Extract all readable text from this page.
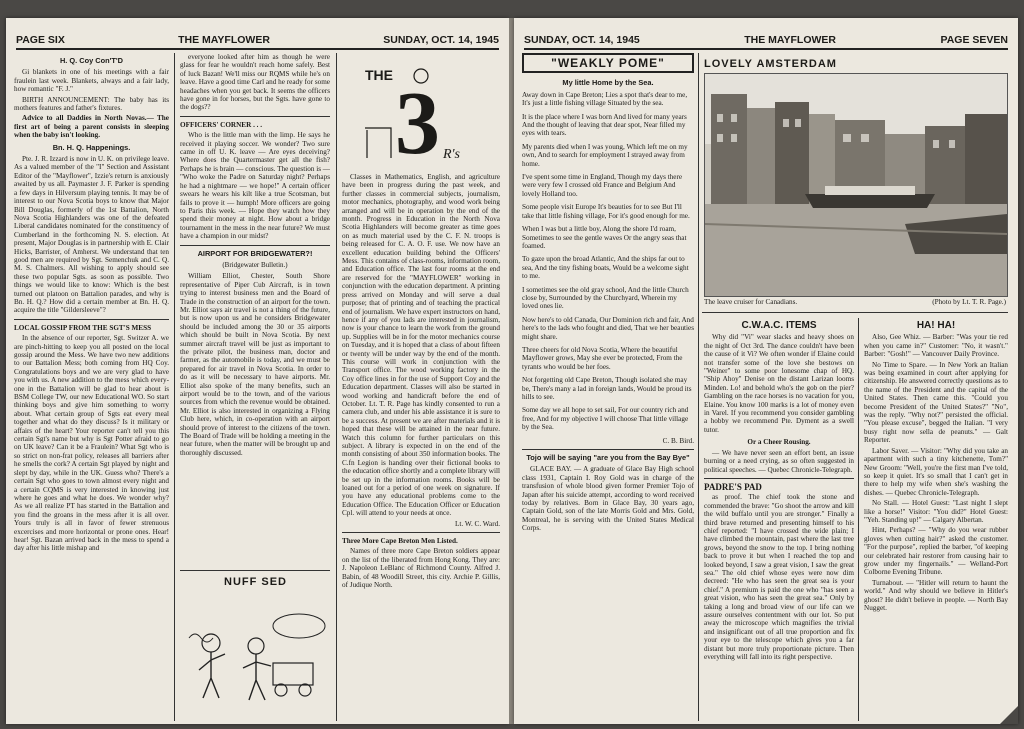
PAGE SIX	THE MAYFLOWER	SUNDAY, OCT. 14, 1945
H. Q. Coy Con'T'D

Gi blankets in one of his meetings with a fair fraulein last week. Blankets, always and a fair lady, how romantic "F. J."

BIRTH ANNOUNCEMENT: The baby has its mothers features and father's fixtures.

Advice to all Daddies in North Novas.— The first art of being a parent consists in sleeping when the baby isn't looking.

Bn. H. Q. Happenings.

Pte. J. R. Izzard is now in U. K. on privilege leave. As a valued member of the "I" Section and Assistant Editor of the "Mayflower", Izzie's return is anxiously awaited by us all. Paymaster J. F. Parker is spending a few days in Hilversum playing tennis. It may be of interest to our Nova Scotia boys to know that Major Bill Douglas, formerly of the 1st Battalion, North Nova Scotia Highlanders was one of the defeated Liberal candidates nominated for the constituency of Cumberland in the forthcoming N. S. election. At present, Major Douglas is in partnership with E. Clair Hicks, Barrister, of Amherst. We understand that ten good men are required by Sgt. Semenchuk and C. Q. M. S. Chalmers. All wishing to apply should see these two popular Sgts. as soon as possible. Two things we would like to know: Which is the best turned out platoon on Battalion parades, and why is Bn. H. Q.? How did a certain member at Bn. H. Q. acquire the title "Gildersleeve"?

LOCAL GOSSIP FROM THE SGT'S MESS

In the absence of our reporter, Sgt. Switzer A. we are pinch-hitting to keep you all posted on the local gossip around the Mess. We have two new additions to our Battalion Mess; both coming from HQ Coy. Congratulations boys and we are very glad to have you with us. A new addition to the mess which every-one in the Battalion will be glad to hear about is BSM College TW, our new Educational WO. So start thinking boys and give him something to worry about. What certain group of Sgts eat every meal together and what do they discuss? Is it military or affairs of the heart? Your reporter can't tell you this certain Sgt's name but why is Sgt Potter afraid to go on UK leave? Can it be a Fraulein? What Sgt who is so strict on non-frat policy, releases all barriers after he smells the cork? A certain Sgt played by night and slept by day, while in the UK. Guess who? There's a certain Sgt who goes to town almost every night and a certain CQMS is very interested in knowing just where he goes and what he does. We wonder why? As we all realize PT has started in the Battalion and you find the groans in the mess after it is all over. Yours truly is all in favor of fewer strenuous excercises and more horizontal or prone ones. Hear! hear! Sgt. Bazan arrived back in the mess to spend a day after his little mishap and

everyone looked after him as though he were glass for fear he wouldn't reach home safely. Best of luck Bazan! We'll miss our RQMS while he's on leave. Have a good time Carl and he ready for some headaches when you get back. It seems the officers have gone in for horses, but the Sgts. have gone to the dogs??

OFFICERS' CORNER . . .

Who is the little man with the limp. He says he received it playing soccer. We wonder? Two sure came in off U. K. leave — Are eyes deceiving? Where does the Quartermaster get all the fish? Perhaps he is brain — conscious. The question is — "Who woke the Padre on Saturday night? Perhaps he had a nightmare — we hope!" A certain officer swears he wears his kilt like a true Scotsman, but fails to prove it — humph! More officers are going to Paris this week. — Hope they watch how they spend their money at night. How about a bridge tournament in the mess in the near future? We must have a champion in our midst?

AIRPORT FOR BRIDGEWATER?!
(Bridgewater Bulletin.)

William Elliot, Chester, South Shore representative of Piper Cub Aircraft, is in town trying to interest business men and the Board of Trade in the construction of an airport for the town. Mr. Elliot says air travel is not a thing of the future, but is now upon us and he considers Bridgewater should be included among the 30 or 35 airports which should be built in Nova Scotia. By next summer aircraft travel will be just as important to the private pilot, the business man, doctor and farmer, as the automobile is today, and we must be prepared for air travel in Nova Scotia. In order to do as it will be necessary to have airports. Mr. Elliot also spoke of the many benefits, such an airport would be to the town, and of the various sources from which the revenue would be obtained. Mr. Elliot is also interested in organizing a Flying Club here, which, in co-operation with an airport should prove of interest to the citizens of the town. The Board of Trade will be holding a meeting in the near future, when the matter will be brought up and thoroughly discussed.

NUFF SED
THE 3 R's

Classes in Mathematics, English, and agriculture have been in progress during the past week, and further classes in commercial subjects, journalism, motor mechanics, photography, and wood work being arranged and will be in operation by the end of the month. Progress in Education in the North Nova Scotia Highlanders will become greater as time goes on as much material used by the C. F. N. troops is being released for C. A. O. F. use. We now have an excellent education building behind the Officers' Mess. This contains of class-rooms, information room, and Education office. The last four rooms at the end are reserved for the "MAYFLOWER" working in conjunction with the education department. A printing press arrived on Monday and will serve a dual purpose; that of printing and of teaching the practical end of journalism. We have expert instructors on hand, hence if any of you lads are interested in journalism, now is your chance to learn the work from the ground up. Supplies will be in for the motor mechanics course on Tuesday, and it is hoped that a class of about fifteen or twenty will be under way by the end of the month. This course will work in conjunction with the Transport office. The wood working factory in the Coy office lines in for the use of Support Coy and the Education department. Classes will also be started in wood working and handicraft before the end of October. Lt. T. R. Page has kindly consented to run a camera club, and under his able assistance it is sure to be a success. At present we are after materials and it is hoped that these will be attained in the near future. Watch this column for further particulars on this subject. A library is expected in on the end of the month consisting of about 350 information books. The C.fn Legion is handing over their fictional books to the education office shortly and a complete library will be set up in the information rooms. Books will be loaned out for a period of one week on signature. If you have any educational problems come to the Education Office. The Education Officer or Education Cpl. will attend to your needs at once.

Lt. W. C. Ward.

Three More Cape Breton Men Listed.

Names of three more Cape Breton soldiers appear on the list of the liberated from Hong Kong. They are: J. Napoleon LeBlanc of Richmond County. Alfred J. Babin, of 48 Woodill Street, this city. Archie P. Gillis, of Judique North.

SUNDAY, OCT. 14, 1945	THE MAYFLOWER	PAGE SEVEN
"WEAKLY POME"
My little Home by the Sea.

Away down in Cape Breton; Lies a spot that's dear to me, It's just a little fishing village Situated by the sea.

It is the place where I was born And lived for many years And the thought of leaving that dear spot, Near filled my eyes with tears.

My parents died when I was young, Which left me on my own, And to search for employment I strayed away from home.

I've spent some time in England, Though my days there were very few I crossed old France and Belgium And lovely Holland too.

Some people visit Europe It's beauties for to see But I'll take that little fishing village, For it's good enough for me.

When I was but a little boy, Along the shore I'd roam, Sometimes to see the gentle waves Or the angry seas that foamed.

To gaze upon the broad Atlantic, And the ships far out to sea, And the tiny fishing boats, Would be a welcome sight to me.

I sometimes see the old gray school, And the little Church close by, Surrounded by the Churchyard, Wherein my loved ones lie.

Now here's to old Canada, Our Dominion rich and fair, And here's to the lads who fought and died, That we her beauties might share.

Three cheers for old Nova Scotia, Where the beautiful Mayflower grows, May she ever be protected, From the tyrants who would be her foes.

Not forgetting old Cape Breton, Though isolated she may be, There's many a lad in foreign lands, Would be proud its hills to see.

Some day we all hope to set sail, For our country rich and free, And for my objective I will choose That little village by the Sea.

C. B. Bird.

Tojo will be saying "are you from the Bay Bye"

GLACE BAY. — A graduate of Glace Bay High school class 1931, Captain I. Roy Gold was in charge of the transfusion of whole blood given former Premier Tojo of Japan after his suicide attempt, according to word received today by relatives. Born in Glace Bay, 30 years ago, Captain Gold, son of the late Morris Gold and Mrs. Gold, Montreal, he is serving with the United States Medical Corps.

LOVELY AMSTERDAM
The leave cruiser for Canadians.	(Photo by Lt. T. R. Page.)
C.W.A.C. ITEMS

Why did "Vi" wear slacks and heavy shoes on the night of Oct 3rd. The dance couldn't have been the cause of it Vi? We often wonder if Elaine could not transfer some of the love she bestows on "Weiner" to some poor lonesome chap of HQ. "Ship Ahoy" Denise on the distant Larizan looms Minden. Lo! and behold who's the gob on the pier? Gambling on the race horses is no vacation for you, Elaine. You know 100 marks is a lot of money even in Varel. If you recommend you consider gambling a hobby we recommend Pte. Dyment as a swell tutor.

Or a Cheer Rousing.

— We have never seen an effort bent, an issue burning or a need crying, as so often suggested in political speeches. — Quebec Chronicle-Telegraph.

PADRE'S PAD

as proof. The chief took the stone and commended the brave: "Go shoot the arrow and kill the wild buffalo until you are stronger." Finally a third brave returned and presenting himself to his chief reported: "I have crossed the wide plain; I have climbed the mountain, past where the last tree grows, beyond the snow to the top. I bring nothing back to prove it but when I reached the top and looked beyond, I saw a great vision, I saw the great sea." The old chief whose eyes were now dim decreed: "He who has seen the great sea is your chief." A premium is paid the one who "has seen a great vision, who has seen the great sea." Only by taking a long and broad view of our life can we assure ourselves contentment with our lot. So put away the microscope which magnifies the trivial and insignificant out of all true proportion and fix your eye to the telescope which gives you a far distant but more truly proportionate picture. Then everything will fall into its right perspective.

HA! HA!

Also, Gee Whiz. — Barber: "Was your tie red when you came in?" Customer: "No, it wasn't." Barber: "Gosh!" — Vancouver Daily Province.

No Time to Spare. — In New York an Italian was being examined in court after applying for citizenship. He answered correctly questions as to the name of the President and the capital of the United States. Then came this. "Could you become President of the United States?" "No", was the reply. "Why not?" persisted the official. "You please excuse", begged the Italian. "I very busy right now sella de peanuts." — Galt Reporter.

Labor Saver. — Visitor: "Why did you take an apartment with such a tiny kitchenette, Tom?" New Groom: "Well, you're the first man I've told, so keep it quiet. It's so small that I can't get in there to help my wife when she's washing the dishes. — Quebec Chronicle-Telegraph.

No Stall. — Hotel Guest: "Last night I slept like a horse!" Visitor: "You did?" Hotel Guest: "Yeh. Standing up!" — Calgary Albertan.

Hint, Perhaps? — "Why do you wear rubber gloves when cutting hair?" asked the customer. "For the purpose", replied the barber, "of keeping our celebrated hair restorer from causing hair to grow under my fingernails." — Welland-Port Colborne Evening Tribune.

Turnabout. — "Hitler will return to haunt the world." And why should we believe in Hitler's ghost? He didn't believe in people. — North Bay Nugget.
